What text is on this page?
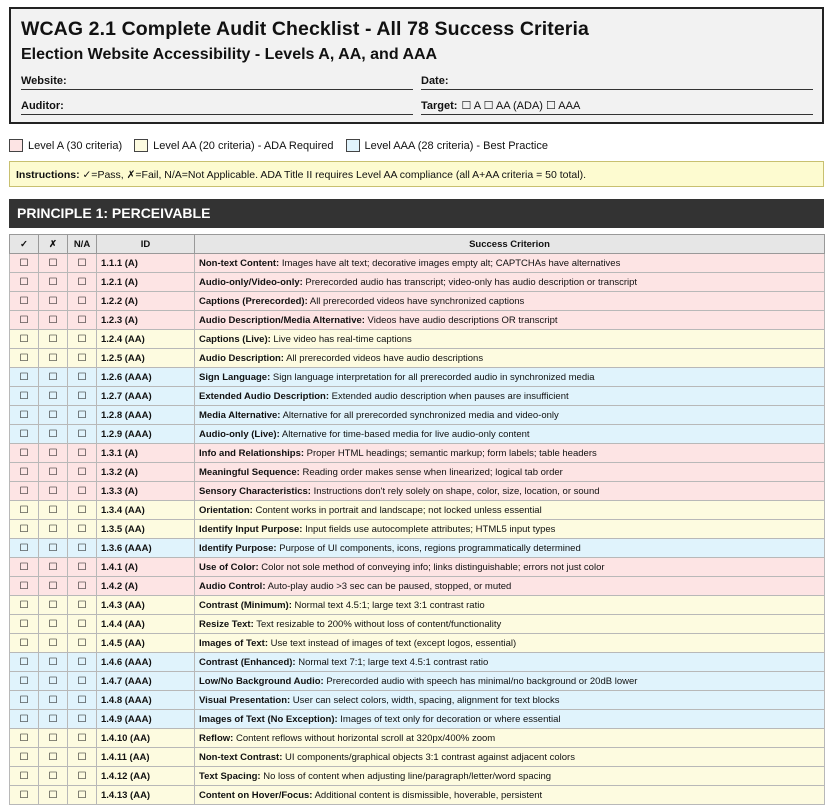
WCAG 2.1 Complete Audit Checklist - All 78 Success Criteria
Election Website Accessibility - Levels A, AA, and AAA
Website:	Date:
Auditor:	Target: ☐ A ☐ AA (ADA) ☐ AAA
Level A (30 criteria)	Level AA (20 criteria) - ADA Required	Level AAA (28 criteria) - Best Practice
Instructions: ✓=Pass, ✗=Fail, N/A=Not Applicable. ADA Title II requires Level AA compliance (all A+AA criteria = 50 total).
PRINCIPLE 1: PERCEIVABLE
✓	✗	N/A	ID	Success Criterion
☐	☐	☐	1.1.1 (A)	Non-text Content: Images have alt text; decorative images empty alt; CAPTCHAs have alternatives
☐	☐	☐	1.2.1 (A)	Audio-only/Video-only: Prerecorded audio has transcript; video-only has audio description or transcript
☐	☐	☐	1.2.2 (A)	Captions (Prerecorded): All prerecorded videos have synchronized captions
☐	☐	☐	1.2.3 (A)	Audio Description/Media Alternative: Videos have audio descriptions OR transcript
☐	☐	☐	1.2.4 (AA)	Captions (Live): Live video has real-time captions
☐	☐	☐	1.2.5 (AA)	Audio Description: All prerecorded videos have audio descriptions
☐	☐	☐	1.2.6 (AAA)	Sign Language: Sign language interpretation for all prerecorded audio in synchronized media
☐	☐	☐	1.2.7 (AAA)	Extended Audio Description: Extended audio description when pauses are insufficient
☐	☐	☐	1.2.8 (AAA)	Media Alternative: Alternative for all prerecorded synchronized media and video-only
☐	☐	☐	1.2.9 (AAA)	Audio-only (Live): Alternative for time-based media for live audio-only content
☐	☐	☐	1.3.1 (A)	Info and Relationships: Proper HTML headings; semantic markup; form labels; table headers
☐	☐	☐	1.3.2 (A)	Meaningful Sequence: Reading order makes sense when linearized; logical tab order
☐	☐	☐	1.3.3 (A)	Sensory Characteristics: Instructions don't rely solely on shape, color, size, location, or sound
☐	☐	☐	1.3.4 (AA)	Orientation: Content works in portrait and landscape; not locked unless essential
☐	☐	☐	1.3.5 (AA)	Identify Input Purpose: Input fields use autocomplete attributes; HTML5 input types
☐	☐	☐	1.3.6 (AAA)	Identify Purpose: Purpose of UI components, icons, regions programmatically determined
☐	☐	☐	1.4.1 (A)	Use of Color: Color not sole method of conveying info; links distinguishable; errors not just color
☐	☐	☐	1.4.2 (A)	Audio Control: Auto-play audio >3 sec can be paused, stopped, or muted
☐	☐	☐	1.4.3 (AA)	Contrast (Minimum): Normal text 4.5:1; large text 3:1 contrast ratio
☐	☐	☐	1.4.4 (AA)	Resize Text: Text resizable to 200% without loss of content/functionality
☐	☐	☐	1.4.5 (AA)	Images of Text: Use text instead of images of text (except logos, essential)
☐	☐	☐	1.4.6 (AAA)	Contrast (Enhanced): Normal text 7:1; large text 4.5:1 contrast ratio
☐	☐	☐	1.4.7 (AAA)	Low/No Background Audio: Prerecorded audio with speech has minimal/no background or 20dB lower
☐	☐	☐	1.4.8 (AAA)	Visual Presentation: User can select colors, width, spacing, alignment for text blocks
☐	☐	☐	1.4.9 (AAA)	Images of Text (No Exception): Images of text only for decoration or where essential
☐	☐	☐	1.4.10 (AA)	Reflow: Content reflows without horizontal scroll at 320px/400% zoom
☐	☐	☐	1.4.11 (AA)	Non-text Contrast: UI components/graphical objects 3:1 contrast against adjacent colors
☐	☐	☐	1.4.12 (AA)	Text Spacing: No loss of content when adjusting line/paragraph/letter/word spacing
☐	☐	☐	1.4.13 (AA)	Content on Hover/Focus: Additional content is dismissible, hoverable, persistent
